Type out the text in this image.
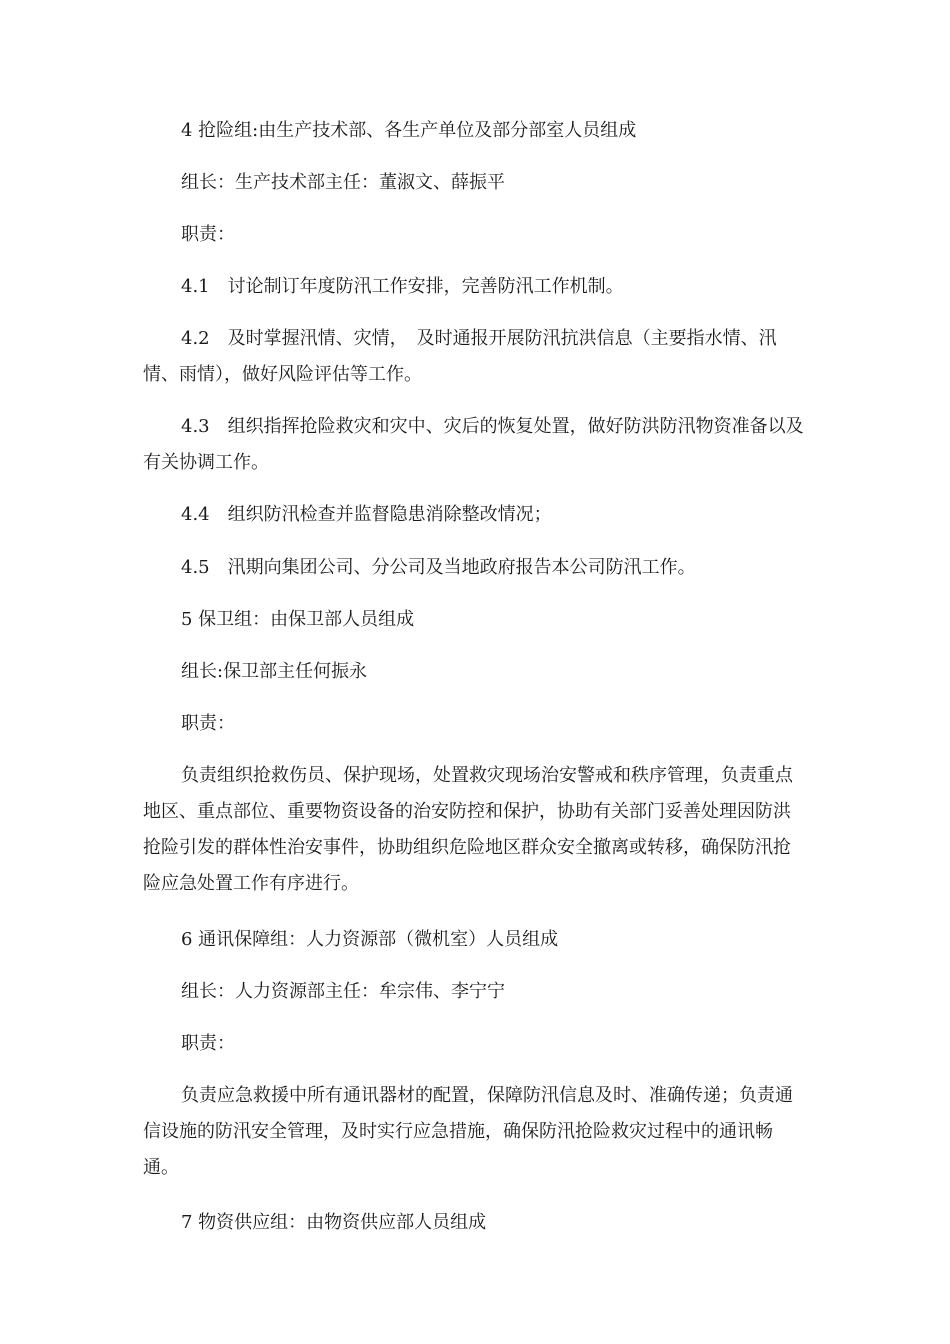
4 抢险组:由生产技术部、各生产单位及部分部室人员组成

组长：生产技术部主任：董淑文、薛振平

职责：

4.1　讨论制订年度防汛工作安排，完善防汛工作机制。

4.2　及时掌握汛情、灾情，　及时通报开展防汛抗洪信息（主要指水情、汛情、雨情），做好风险评估等工作。

4.3　组织指挥抢险救灾和灾中、灾后的恢复处置，做好防洪防汛物资准备以及有关协调工作。

4.4　组织防汛检查并监督隐患消除整改情况；

4.5　汛期向集团公司、分公司及当地政府报告本公司防汛工作。

5 保卫组：由保卫部人员组成

组长:保卫部主任何振永

职责：

负责组织抢救伤员、保护现场，处置救灾现场治安警戒和秩序管理，负责重点地区、重点部位、重要物资设备的治安防控和保护，协助有关部门妥善处理因防洪抢险引发的群体性治安事件，协助组织危险地区群众安全撤离或转移，确保防汛抢险应急处置工作有序进行。

6 通讯保障组：人力资源部（微机室）人员组成

组长：人力资源部主任：牟宗伟、李宁宁

职责：

负责应急救援中所有通讯器材的配置，保障防汛信息及时、准确传递；负责通信设施的防汛安全管理，及时实行应急措施，确保防汛抢险救灾过程中的通讯畅通。

7 物资供应组：由物资供应部人员组成
